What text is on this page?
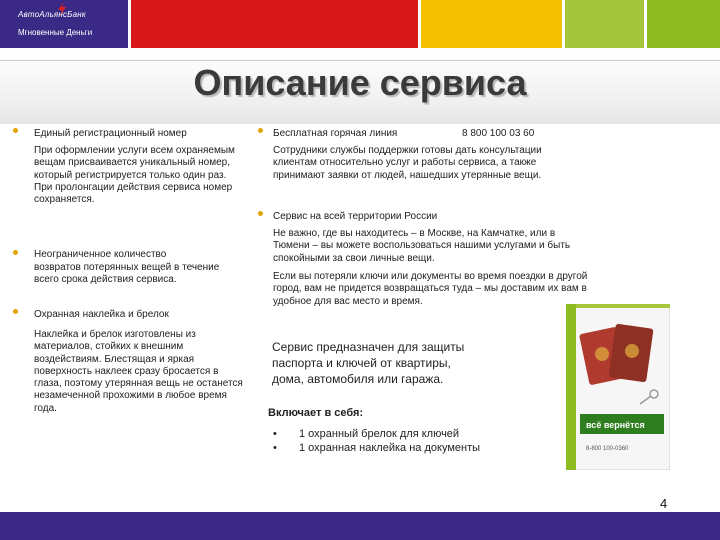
АвтоАльянсБанк
Мгновенные Деньги
Описание сервиса
Единый регистрационный номер
При оформлении услуги всем охраняемым вещам присваивается уникальный номер, который регистрируется только один раз. При пролонгации действия сервиса номер сохраняется.
Неограниченное количество
возвратов потерянных вещей в течение всего срока действия сервиса.
Охранная наклейка и брелок
Наклейка и брелок изготовлены из материалов, стойких к внешним воздействиям. Блестящая и яркая поверхность наклеек сразу бросается в глаза, поэтому утерянная вещь не останется незамеченной прохожими в любое время года.
Бесплатная горячая линия	8 800 100 03 60
Сотрудники службы поддержки готовы дать консультации клиентам относительно услуг и работы сервиса, а также принимают заявки от людей, нашедших утерянные вещи.
Сервис на всей территории России
Не важно, где вы находитесь – в Москве, на Камчатке, или в Тюмени – вы можете воспользоваться нашими услугами и быть спокойными за свои личные вещи.
Если вы потеряли ключи или документы во время поездки в другой город, вам не придется возвращаться туда – мы доставим их вам в удобное для вас место и время.
Сервис предназначен для защиты паспорта и ключей от квартиры, дома, автомобиля или гаража.
Включает в себя:
• 1 охранный брелок для ключей
• 1 охранная наклейка на документы
всё вернётся
8-800 100-0360
4
